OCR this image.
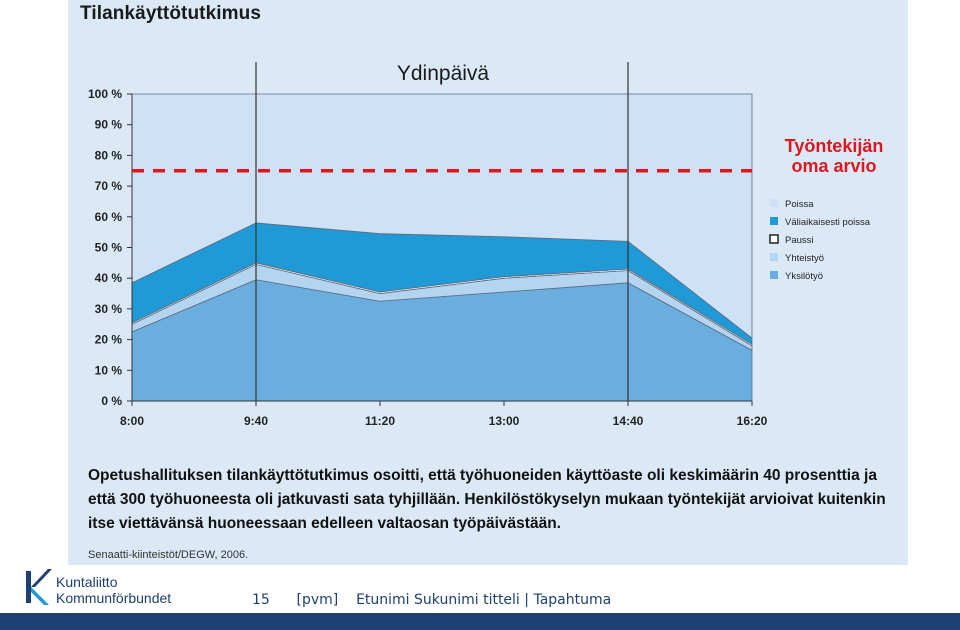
Tilankäyttötutkimus
Ydinpäivä
0 %
10 %
20 %
30 %
40 %
50 %
60 %
70 %
80 %
90 %
100 %
8:00	9:40	11:20	13:00	14:40	16:20
Työntekijän
oma arvio
Poissa
Väliaikaisesti poissa
Paussi
Yhteistyö
Yksilötyö
Opetushallituksen tilankäyttötutkimus osoitti, että työhuoneiden käyttöaste oli keskimäärin 40 prosenttia ja että 300 työhuoneesta oli jatkuvasti sata tyhjillään. Henkilöstökyselyn mukaan työntekijät arvioivat kuitenkin itse viettävänsä huoneessaan edelleen valtaosan työpäivästään.
Senaatti-kiinteistöt/DEGW, 2006.
Kuntaliitto
Kommunförbundet	15 [pvm] Etunimi Sukunimi titteli | Tapahtuma
